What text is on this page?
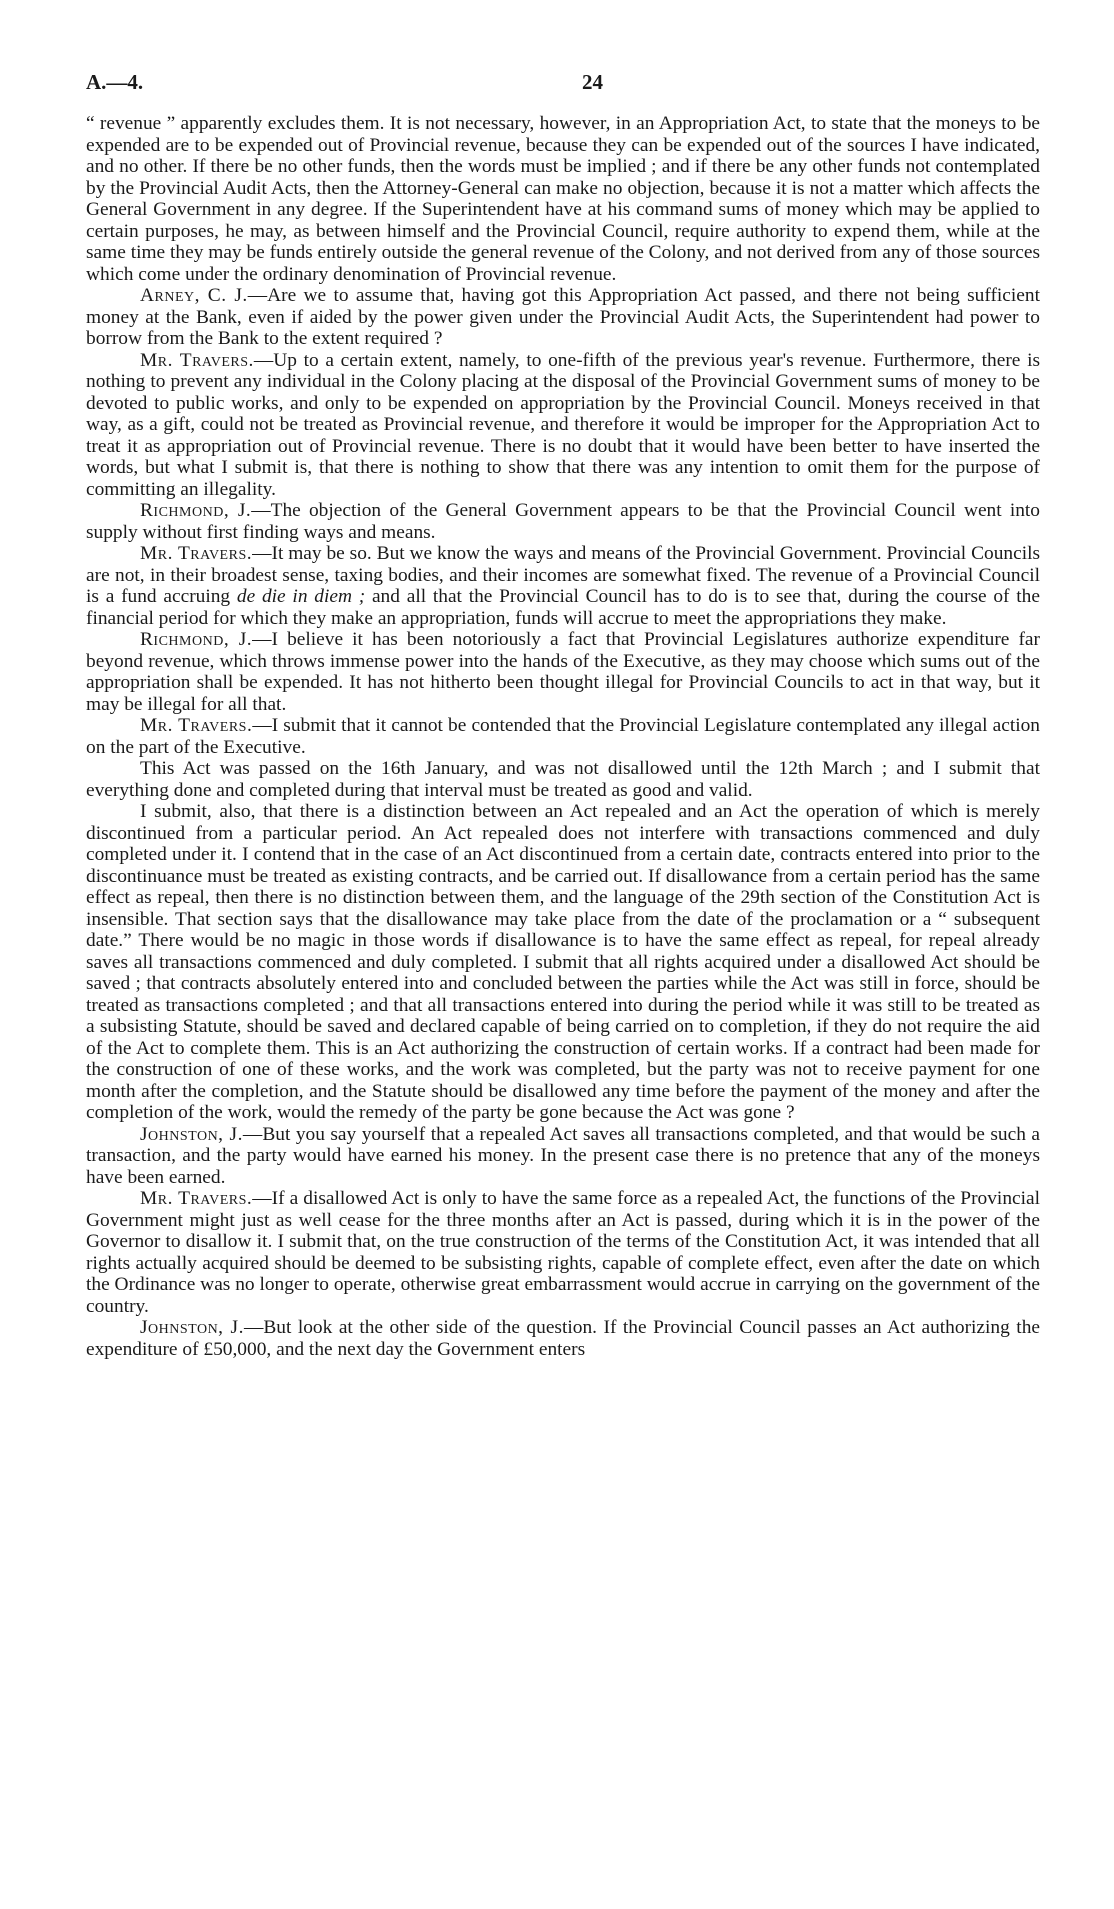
A.—4.	24

“ revenue ” apparently excludes them. It is not necessary, however, in an Appropriation Act, to state that the moneys to be expended are to be expended out of Provincial revenue, because they can be expended out of the sources I have indicated, and no other. If there be no other funds, then the words must be implied ; and if there be any other funds not contemplated by the Provincial Audit Acts, then the Attorney-General can make no objection, because it is not a matter which affects the General Government in any degree. If the Superintendent have at his command sums of money which may be applied to certain purposes, he may, as between himself and the Provincial Council, require authority to expend them, while at the same time they may be funds entirely outside the general revenue of the Colony, and not derived from any of those sources which come under the ordinary denomination of Provincial revenue.

Arney, C. J.—Are we to assume that, having got this Appropriation Act passed, and there not being sufficient money at the Bank, even if aided by the power given under the Provincial Audit Acts, the Superintendent had power to borrow from the Bank to the extent required ?

Mr. Travers.—Up to a certain extent, namely, to one-fifth of the previous year's revenue. Furthermore, there is nothing to prevent any individual in the Colony placing at the disposal of the Provincial Government sums of money to be devoted to public works, and only to be expended on appropriation by the Provincial Council. Moneys received in that way, as a gift, could not be treated as Provincial revenue, and therefore it would be improper for the Appropriation Act to treat it as appropriation out of Provincial revenue. There is no doubt that it would have been better to have inserted the words, but what I submit is, that there is nothing to show that there was any intention to omit them for the purpose of committing an illegality.

Richmond, J.—The objection of the General Government appears to be that the Provincial Council went into supply without first finding ways and means.

Mr. Travers.—It may be so. But we know the ways and means of the Provincial Government. Provincial Councils are not, in their broadest sense, taxing bodies, and their incomes are somewhat fixed. The revenue of a Provincial Council is a fund accruing de die in diem ; and all that the Provincial Council has to do is to see that, during the course of the financial period for which they make an appropriation, funds will accrue to meet the appropriations they make.

Richmond, J.—I believe it has been notoriously a fact that Provincial Legislatures authorize expenditure far beyond revenue, which throws immense power into the hands of the Executive, as they may choose which sums out of the appropriation shall be expended. It has not hitherto been thought illegal for Provincial Councils to act in that way, but it may be illegal for all that.

Mr. Travers.—I submit that it cannot be contended that the Provincial Legislature contemplated any illegal action on the part of the Executive.

This Act was passed on the 16th January, and was not disallowed until the 12th March ; and I submit that everything done and completed during that interval must be treated as good and valid.

I submit, also, that there is a distinction between an Act repealed and an Act the operation of which is merely discontinued from a particular period. An Act repealed does not interfere with transactions commenced and duly completed under it. I contend that in the case of an Act discontinued from a certain date, contracts entered into prior to the discontinuance must be treated as existing contracts, and be carried out. If disallowance from a certain period has the same effect as repeal, then there is no distinction between them, and the language of the 29th section of the Constitution Act is insensible. That section says that the disallowance may take place from the date of the proclamation or a “ subsequent date.” There would be no magic in those words if disallowance is to have the same effect as repeal, for repeal already saves all transactions commenced and duly completed. I submit that all rights acquired under a disallowed Act should be saved ; that contracts absolutely entered into and concluded between the parties while the Act was still in force, should be treated as transactions completed ; and that all transactions entered into during the period while it was still to be treated as a subsisting Statute, should be saved and declared capable of being carried on to completion, if they do not require the aid of the Act to complete them. This is an Act authorizing the construction of certain works. If a contract had been made for the construction of one of these works, and the work was completed, but the party was not to receive payment for one month after the completion, and the Statute should be disallowed any time before the payment of the money and after the completion of the work, would the remedy of the party be gone because the Act was gone ?

Johnston, J.—But you say yourself that a repealed Act saves all transactions completed, and that would be such a transaction, and the party would have earned his money. In the present case there is no pretence that any of the moneys have been earned.

Mr. Travers.—If a disallowed Act is only to have the same force as a repealed Act, the functions of the Provincial Government might just as well cease for the three months after an Act is passed, during which it is in the power of the Governor to disallow it. I submit that, on the true construction of the terms of the Constitution Act, it was intended that all rights actually acquired should be deemed to be subsisting rights, capable of complete effect, even after the date on which the Ordinance was no longer to operate, otherwise great embarrassment would accrue in carrying on the government of the country.

Johnston, J.—But look at the other side of the question. If the Provincial Council passes an Act authorizing the expenditure of £50,000, and the next day the Government enters
